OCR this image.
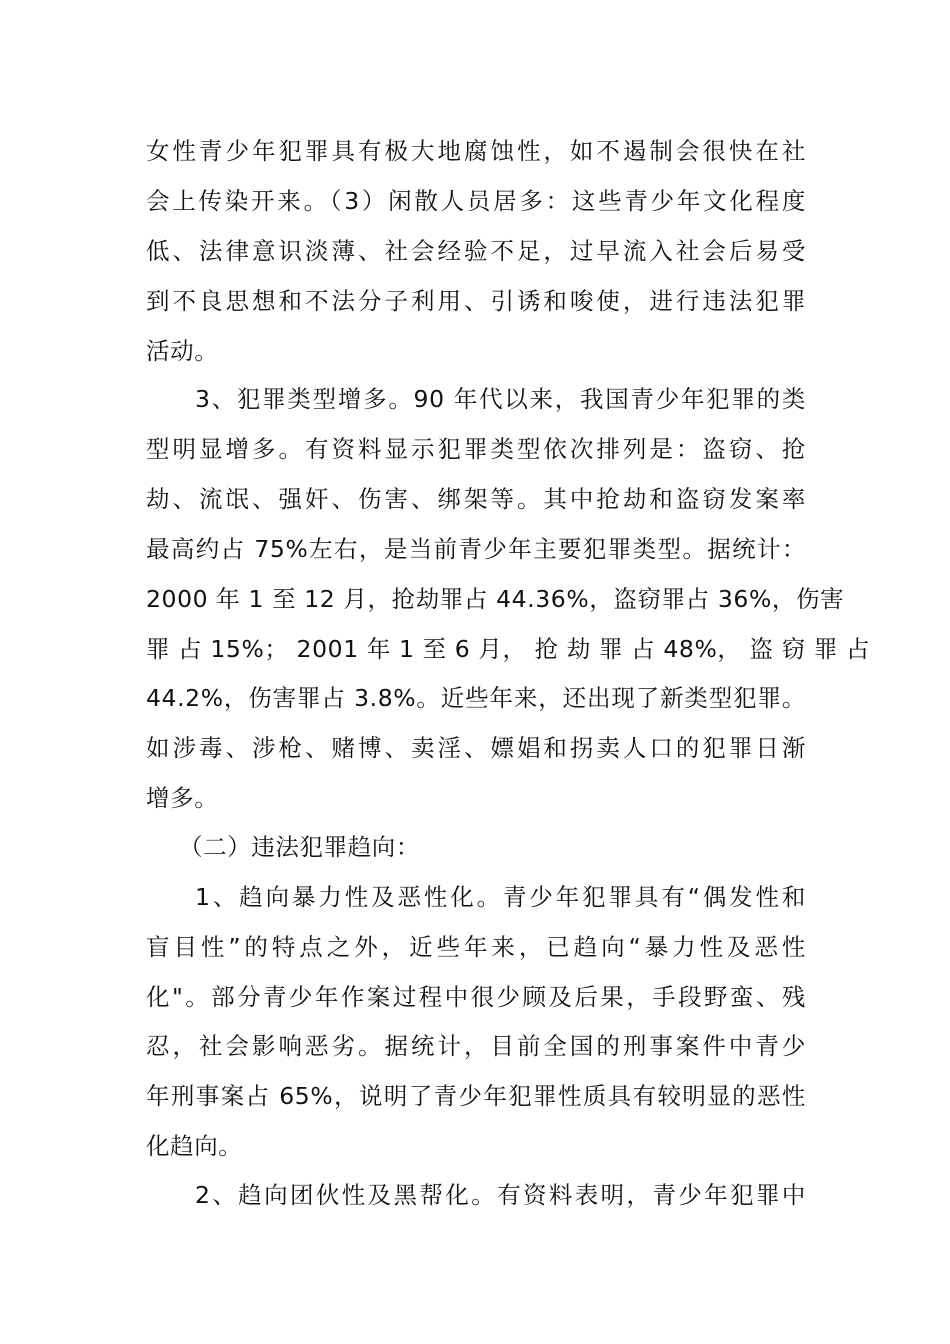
女性青少年犯罪具有极大地腐蚀性，如不遏制会很快在社
会上传染开来。（3）闲散人员居多：这些青少年文化程度
低、法律意识淡薄、社会经验不足，过早流入社会后易受
到不良思想和不法分子利用、引诱和唆使，进行违法犯罪
活动。
3、犯罪类型增多。90 年代以来，我国青少年犯罪的类
型明显增多。有资料显示犯罪类型依次排列是：盗窃、抢
劫、流氓、强奸、伤害、绑架等。其中抢劫和盗窃发案率
最高约占 75%左右，是当前青少年主要犯罪类型。据统计：
2000 年 1 至 12 月，抢劫罪占 44.36%，盗窃罪占 36%，伤害
罪 占 15%； 2001 年 1 至 6 月， 抢 劫 罪 占 48%， 盗 窃 罪 占
44.2%，伤害罪占 3.8%。近些年来，还出现了新类型犯罪。
如涉毒、涉枪、赌博、卖淫、嫖娼和拐卖人口的犯罪日渐
增多。
（二）违法犯罪趋向：
1、趋向暴力性及恶性化。青少年犯罪具有“偶发性和
盲目性”的特点之外，近些年来，已趋向“暴力性及恶性
化"。部分青少年作案过程中很少顾及后果，手段野蛮、残
忍，社会影响恶劣。据统计，目前全国的刑事案件中青少
年刑事案占 65%，说明了青少年犯罪性质具有较明显的恶性
化趋向。
2、趋向团伙性及黑帮化。有资料表明，青少年犯罪中
